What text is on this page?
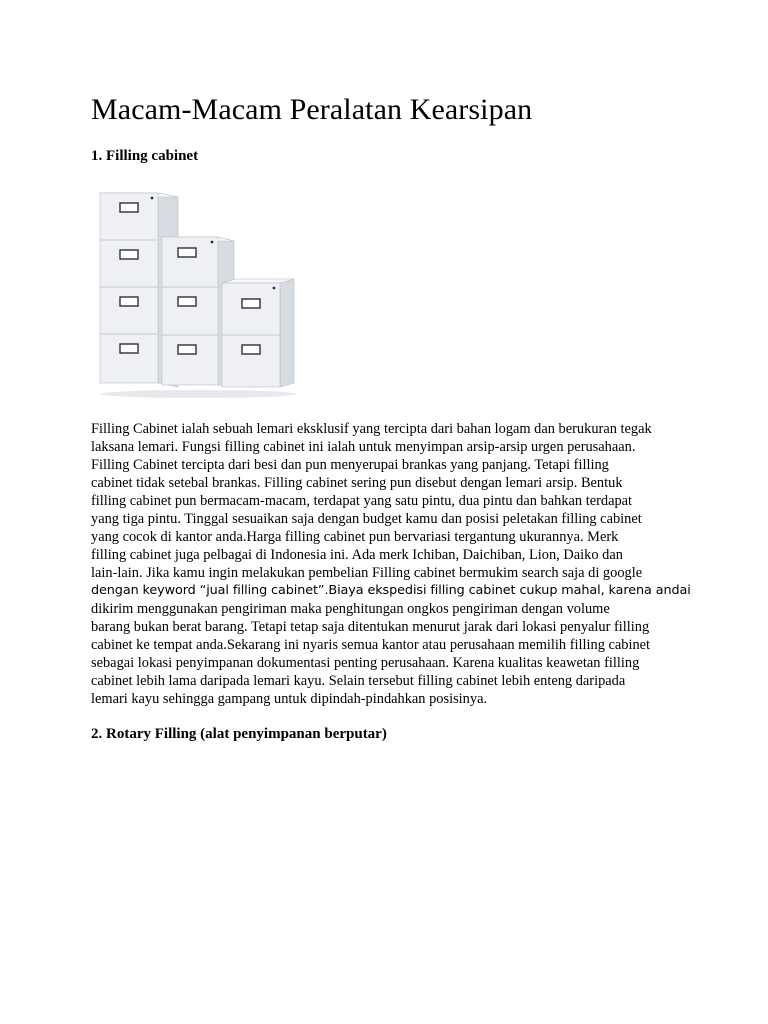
Macam-Macam Peralatan Kearsipan
1. Filling cabinet

Filling Cabinet ialah sebuah lemari eksklusif yang tercipta dari bahan logam dan berukuran tegak
laksana lemari. Fungsi filling cabinet ini ialah untuk menyimpan arsip-arsip urgen perusahaan.
Filling Cabinet tercipta dari besi dan pun menyerupai brankas yang panjang. Tetapi filling
cabinet tidak setebal brankas. Filling cabinet sering pun disebut dengan lemari arsip. Bentuk
filling cabinet pun bermacam-macam, terdapat yang satu pintu, dua pintu dan bahkan terdapat
yang tiga pintu. Tinggal sesuaikan saja dengan budget kamu dan posisi peletakan filling cabinet
yang cocok di kantor anda.Harga filling cabinet pun bervariasi tergantung ukurannya. Merk
filling cabinet juga pelbagai di Indonesia ini. Ada merk Ichiban, Daichiban, Lion, Daiko dan
lain-lain. Jika kamu ingin melakukan pembelian Filling cabinet bermukim search saja di google
dengan keyword “jual filling cabinet”.Biaya ekspedisi filling cabinet cukup mahal, karena andai
dikirim menggunakan pengiriman maka penghitungan ongkos pengiriman dengan volume
barang bukan berat barang. Tetapi tetap saja ditentukan menurut jarak dari lokasi penyalur filling
cabinet ke tempat anda.Sekarang ini nyaris semua kantor atau perusahaan memilih filling cabinet
sebagai lokasi penyimpanan dokumentasi penting perusahaan. Karena kualitas keawetan filling
cabinet lebih lama daripada lemari kayu. Selain tersebut filling cabinet lebih enteng daripada
lemari kayu sehingga gampang untuk dipindah-pindahkan posisinya.

2. Rotary Filling (alat penyimpanan berputar)
